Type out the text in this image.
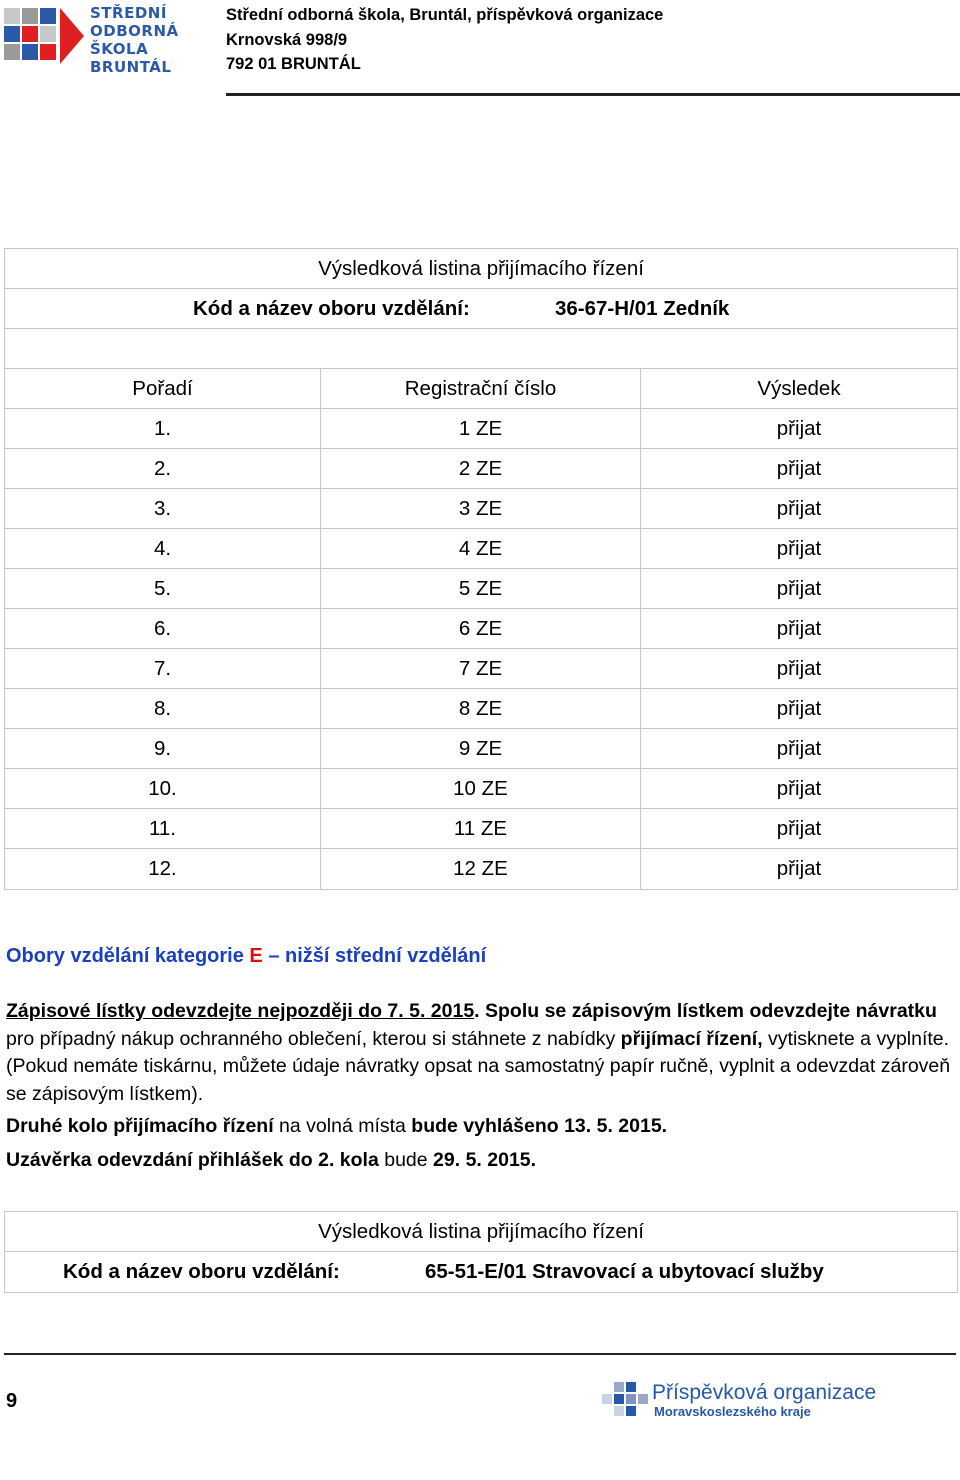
STŘEDNÍ
ODBORNÁ
ŠKOLA
BRUNTÁL
Střední odborná škola, Bruntál, příspěvková organizace
Krnovská 998/9
792 01 BRUNTÁL
Výsledková listina přijímacího řízení
Kód a název oboru vzdělání:	36-67-H/01 Zedník
Pořadí	Registrační číslo	Výsledek
1.	1 ZE	přijat
2.	2 ZE	přijat
3.	3 ZE	přijat
4.	4 ZE	přijat
5.	5 ZE	přijat
6.	6 ZE	přijat
7.	7 ZE	přijat
8.	8 ZE	přijat
9.	9 ZE	přijat
10.	10 ZE	přijat
11.	11 ZE	přijat
12.	12 ZE	přijat
Obory vzdělání kategorie E – nižší střední vzdělání
Zápisové lístky odevzdejte nejpozději do 7. 5. 2015. Spolu se zápisovým lístkem odevzdejte návratku pro případný nákup ochranného oblečení, kterou si stáhnete z nabídky přijímací řízení, vytisknete a vyplníte. (Pokud nemáte tiskárnu, můžete údaje návratky opsat na samostatný papír ručně, vyplnit a odevzdat zároveň se zápisovým lístkem).
Druhé kolo přijímacího řízení na volná místa bude vyhlášeno 13. 5. 2015.
Uzávěrka odevzdání přihlášek do 2. kola bude 29. 5. 2015.
Výsledková listina přijímacího řízení
Kód a název oboru vzdělání:	65-51-E/01 Stravovací a ubytovací služby
9	Příspěvková organizace
Moravskoslezského kraje
